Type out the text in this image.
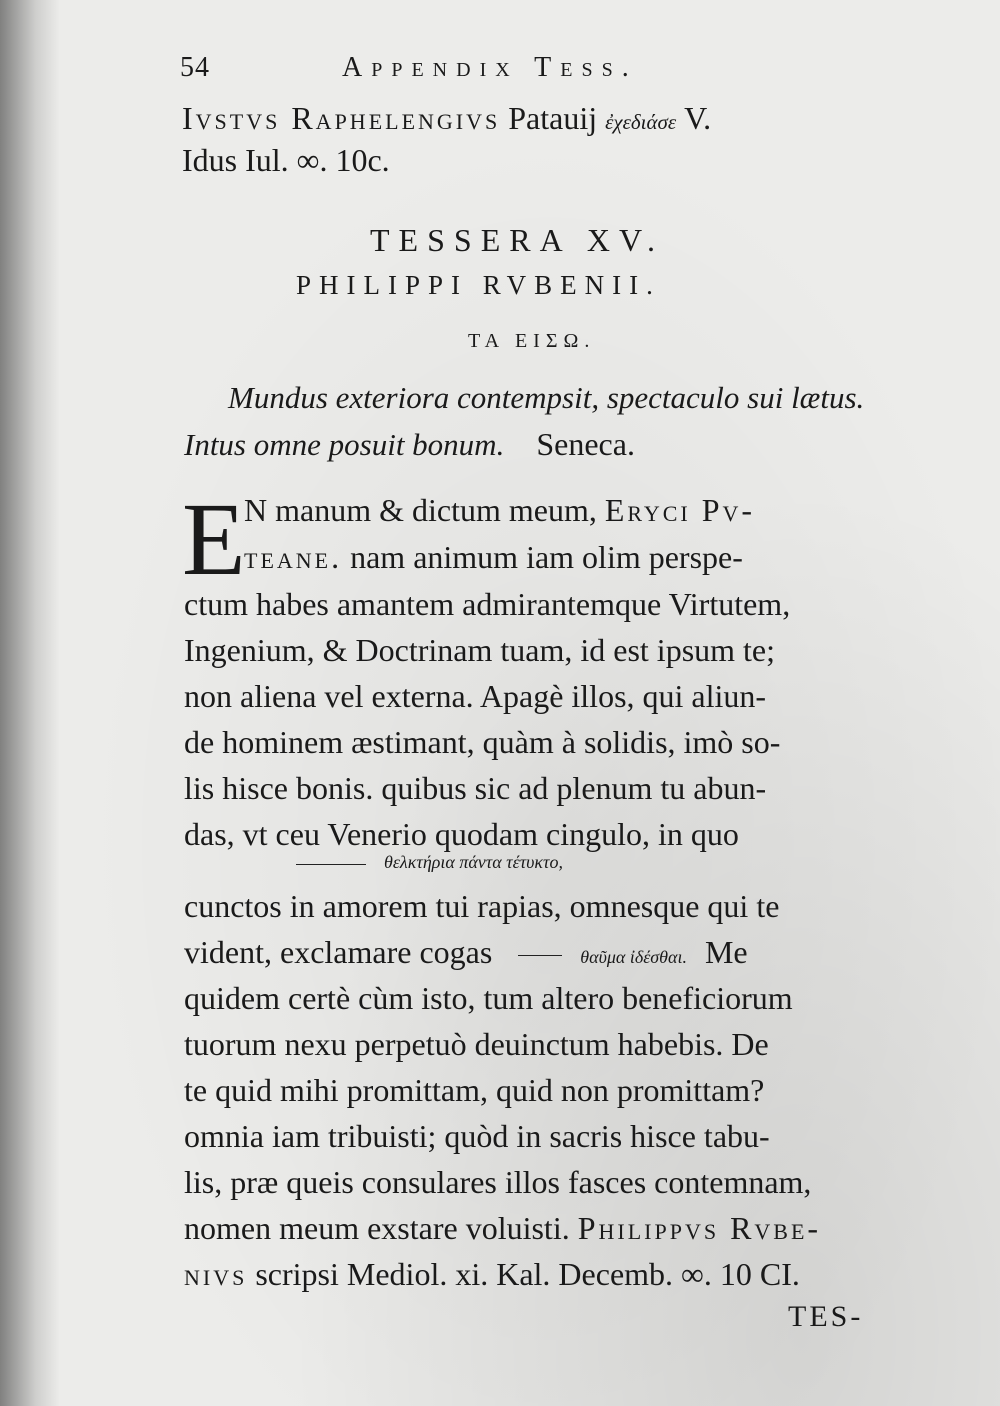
54	Appendix Tess.
Ivstvs Raphelengivs Patauij ἐχεδιάσε V.
Idus Iul. ∞. 10c.
TESSERA XV.
PHILIPPI RVBENII.
ΤΑ ΕΙΣΩ.
Mundus exteriora contempsit, spectaculo sui lætus.
Intus omne posuit bonum. Seneca.
E
N manum & dictum meum, Eryci Pv-
teane. nam animum iam olim perspe-
ctum habes amantem admirantemque Virtutem,
Ingenium, & Doctrinam tuam, id est ipsum te;
non aliena vel externa. Apagè illos, qui aliun-
de hominem æstimant, quàm à solidis, imò so-
lis hisce bonis. quibus sic ad plenum tu abun-
das, vt ceu Venerio quodam cingulo, in quo
θελκτήρια πάντα τέτυκτο,
cunctos in amorem tui rapias, omnesque qui te
vident, exclamare cogas	θαῦμα ἰδέσθαι. Me
quidem certè cùm isto, tum altero beneficiorum
tuorum nexu perpetuò deuinctum habebis. De
te quid mihi promittam, quid non promittam?
omnia iam tribuisti; quòd in sacris hisce tabu-
lis, præ queis consulares illos fasces contemnam,
nomen meum exstare voluisti. Philippvs Rvbe-
nivs scripsi Mediol. xi. Kal. Decemb. ∞. 10 CI.
TES-
